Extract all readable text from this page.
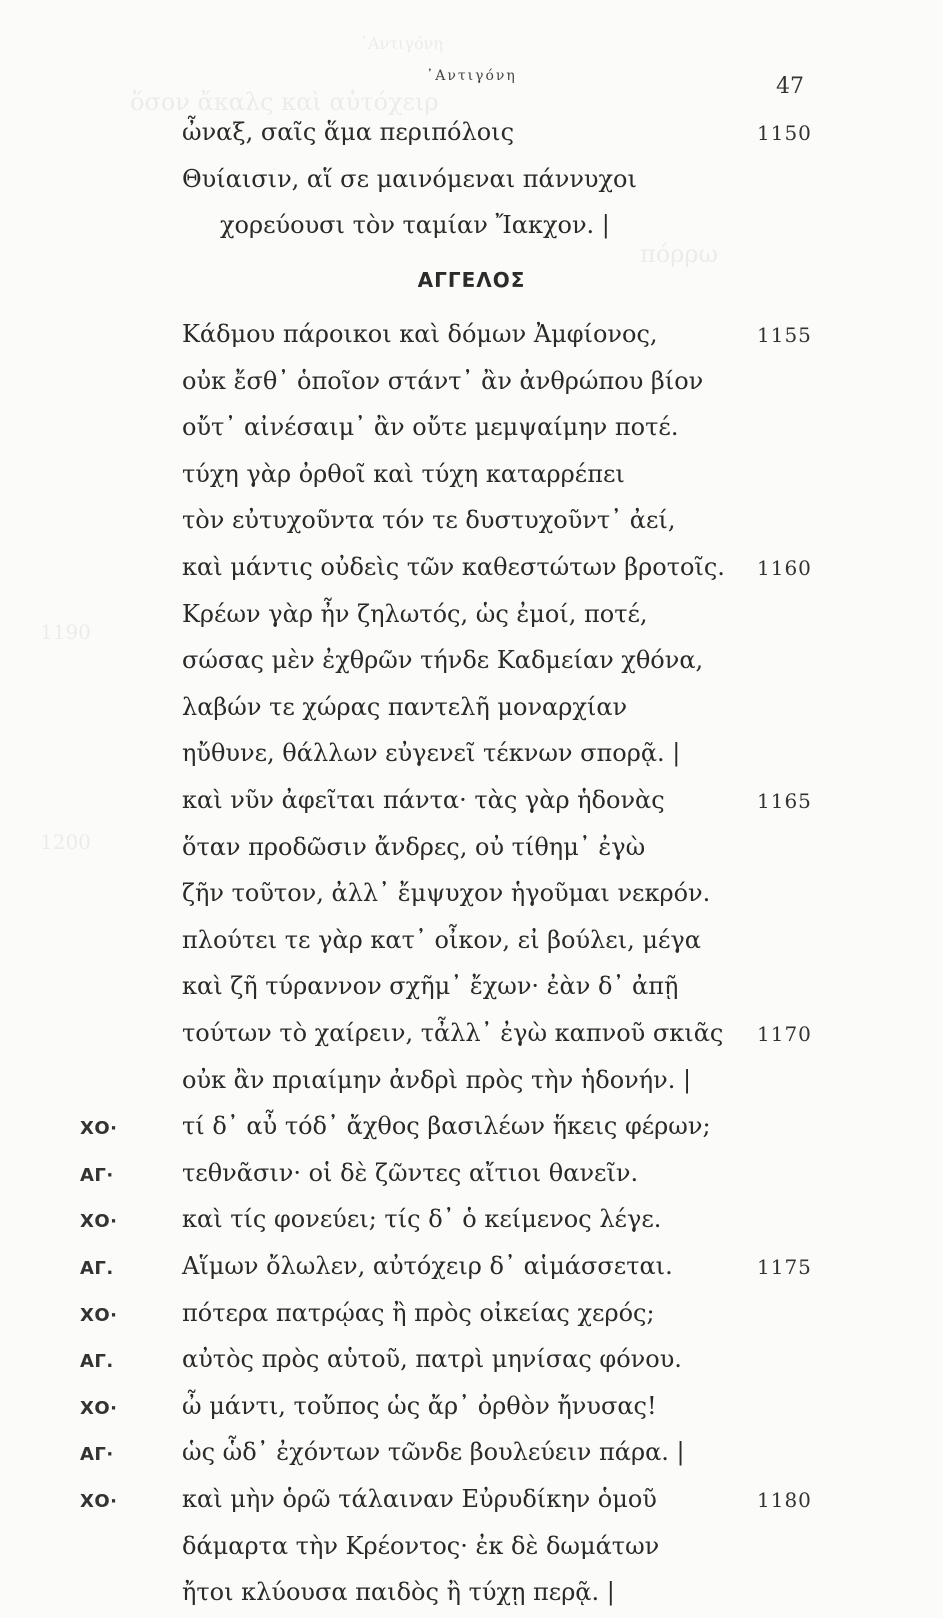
᾿Αντιγόνη
ὅσον ἄκαλς καὶ αὐτόχειρ
πόρρω
1190
1200
᾿Αντιγόνη	47
ΑΓΓΕΛΟΣ
ὦναξ, σαῖς ἅμα περιπόλοις	1150
Θυίαισιν, αἵ σε μαινόμεναι πάννυχοι
χορεύουσι τὸν ταμίαν Ἴακχον. |
Κάδμου πάροικοι καὶ δόμων Ἀμφίονος,	1155
οὐκ ἔσθ᾿ ὁποῖον στάντ᾿ ἂν ἀνθρώπου βίον
οὔτ᾿ αἰνέσαιμ᾿ ἂν οὔτε μεμψαίμην ποτέ.
τύχη γὰρ ὀρθοῖ καὶ τύχη καταρρέπει
τὸν εὐτυχοῦντα τόν τε δυστυχοῦντ᾿ ἀεί,
καὶ μάντις οὐδεὶς τῶν καθεστώτων βροτοῖς. 1160
Κρέων γὰρ ἦν ζηλωτός, ὡς ἐμοί, ποτέ,
σώσας μὲν ἐχθρῶν τήνδε Καδμείαν χθόνα,
λαβών τε χώρας παντελῆ μοναρχίαν
ηὔθυνε, θάλλων εὐγενεῖ τέκνων σπορᾷ. |
καὶ νῦν ἀφεῖται πάντα· τὰς γὰρ ἡδονὰς	1165
ὅταν προδῶσιν ἄνδρες, οὐ τίθημ᾿ ἐγὼ
ζῆν τοῦτον, ἀλλ᾿ ἔμψυχον ἡγοῦμαι νεκρόν.
πλούτει τε γὰρ κατ᾿ οἶκον, εἰ βούλει, μέγα
καὶ ζῆ τύραννον σχῆμ᾿ ἔχων· ἐὰν δ᾿ ἀπῇ
τούτων τὸ χαίρειν, τἆλλ᾿ ἐγὼ καπνοῦ σκιᾶς 1170
οὐκ ἂν πριαίμην ἀνδρὶ πρὸς τὴν ἡδονήν. |
ΧΟ·	τί δ᾿ αὖ τόδ᾿ ἄχθος βασιλέων ἥκεις φέρων;
ΑΓ·	τεθνᾶσιν· οἱ δὲ ζῶντες αἴτιοι θανεῖν.
ΧΟ·	καὶ τίς φονεύει; τίς δ᾿ ὁ κείμενος λέγε.
ΑΓ.	Αἵμων ὄλωλεν, αὐτόχειρ δ᾿ αἱμάσσεται.	1175
ΧΟ·	πότερα πατρῴας ἢ πρὸς οἰκείας χερός;
ΑΓ.	αὐτὸς πρὸς αὑτοῦ, πατρὶ μηνίσας φόνου.
ΧΟ·	ὦ μάντι, τοὔπος ὡς ἄρ᾿ ὀρθὸν ἤνυσας!
ΑΓ·	ὡς ὧδ᾿ ἐχόντων τῶνδε βουλεύειν πάρα. |
ΧΟ·	καὶ μὴν ὁρῶ τάλαιναν Εὐρυδίκην ὁμοῦ	1180
δάμαρτα τὴν Κρέοντος· ἐκ δὲ δωμάτων
ἤτοι κλύουσα παιδὸς ἢ τύχῃ περᾷ. |
